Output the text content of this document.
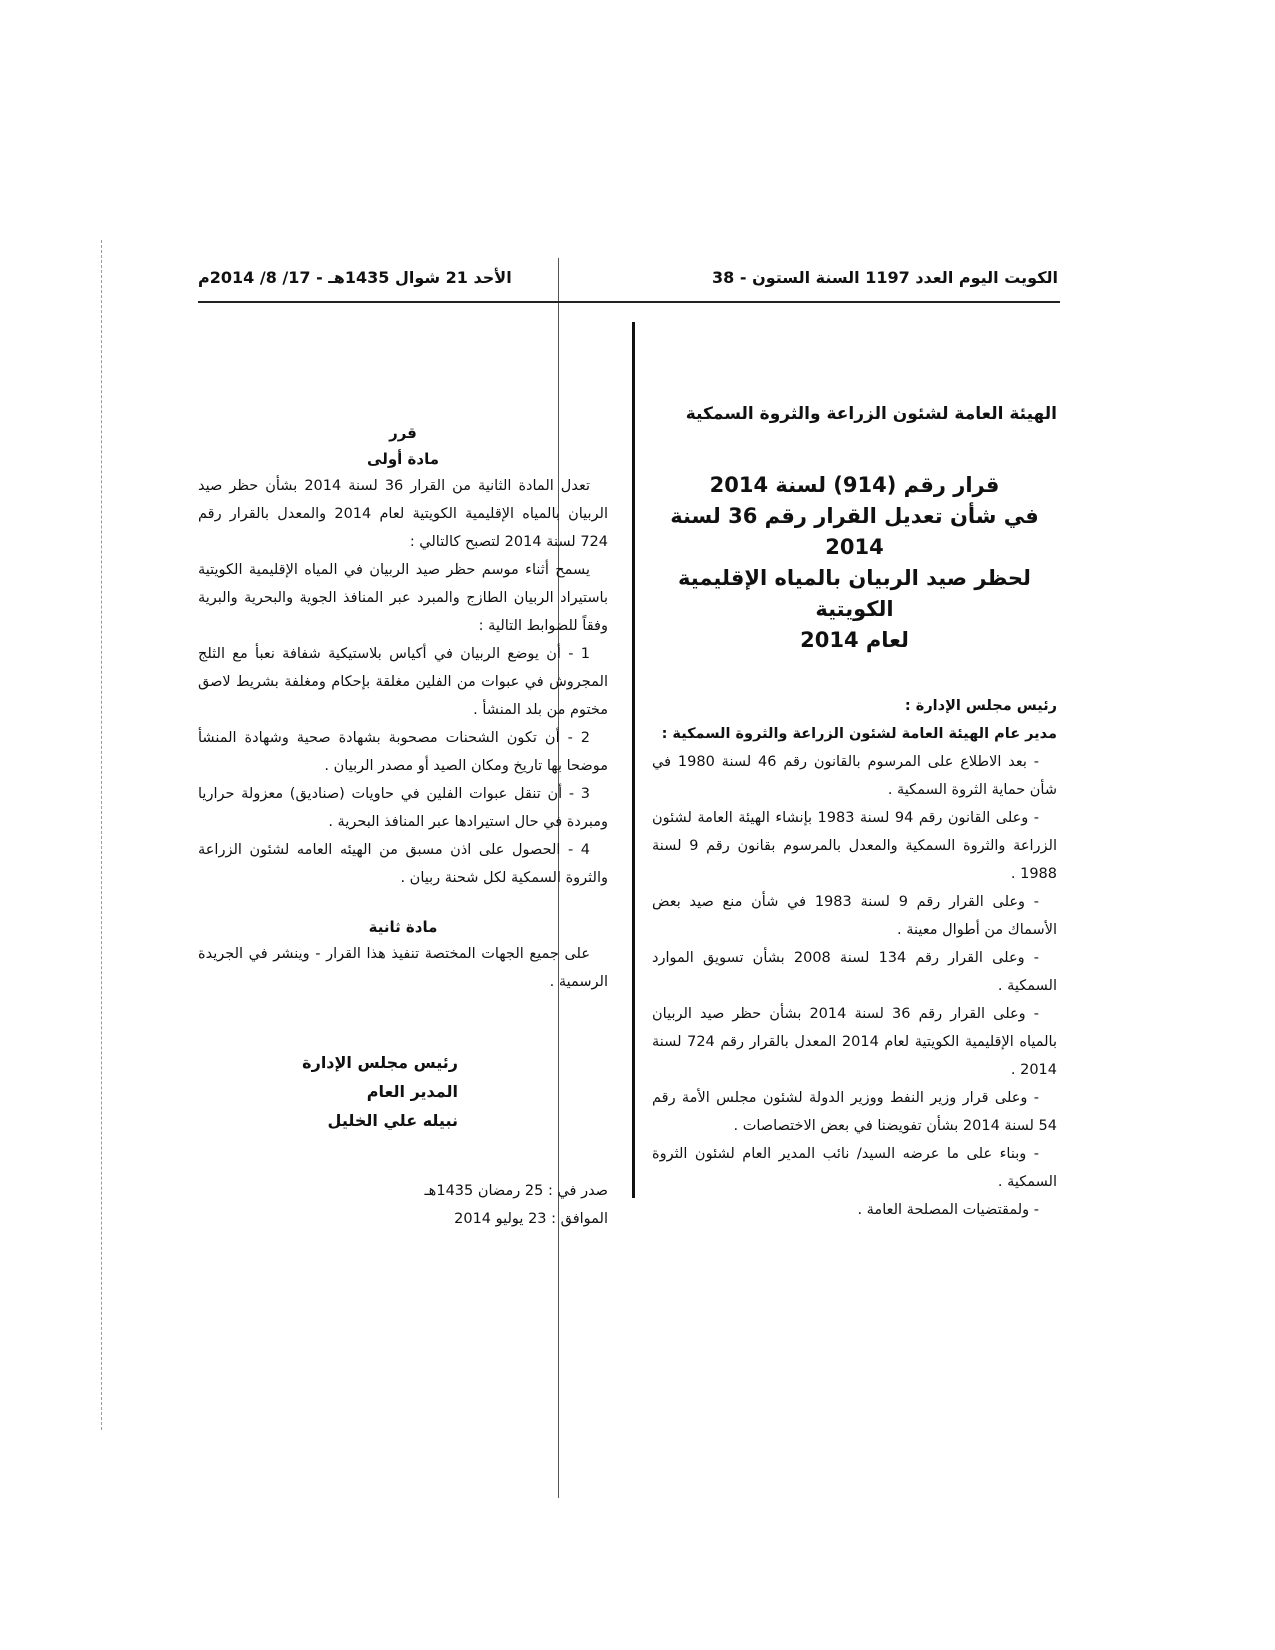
الكويت اليوم العدد 1197 السنة الستون - 38
الأحد 21 شوال 1435هـ - 17/ 8/ 2014م

الهيئة العامة لشئون الزراعة والثروة السمكية

قرار رقم (914) لسنة 2014
في شأن تعديل القرار رقم 36 لسنة 2014
لحظر صيد الربيان بالمياه الإقليمية الكويتية
لعام 2014

رئيس مجلس الإدارة :

مدير عام الهيئة العامة لشئون الزراعة والثروة السمكية :

- بعد الاطلاع على المرسوم بالقانون رقم 46 لسنة 1980 في شأن حماية الثروة السمكية .

- وعلى القانون رقم 94 لسنة 1983 بإنشاء الهيئة العامة لشئون الزراعة والثروة السمكية والمعدل بالمرسوم بقانون رقم 9 لسنة 1988 .

- وعلى القرار رقم 9 لسنة 1983 في شأن منع صيد بعض الأسماك من أطوال معينة .

- وعلى القرار رقم 134 لسنة 2008 بشأن تسويق الموارد السمكية .

- وعلى القرار رقم 36 لسنة 2014 بشأن حظر صيد الربيان بالمياه الإقليمية الكويتية لعام 2014 المعدل بالقرار رقم 724 لسنة 2014 .

- وعلى قرار وزير النفط ووزير الدولة لشئون مجلس الأمة رقم 54 لسنة 2014 بشأن تفويضنا في بعض الاختصاصات .

- وبناء على ما عرضه السيد/ نائب المدير العام لشئون الثروة السمكية .

- ولمقتضيات المصلحة العامة .

قرر

مادة أولى

تعدل المادة الثانية من القرار 36 لسنة 2014 بشأن حظر صيد الربيان بالمياه الإقليمية الكويتية لعام 2014 والمعدل بالقرار رقم 724 لسنة 2014 لتصبح كالتالي :

يسمح أثناء موسم حظر صيد الربيان في المياه الإقليمية الكويتية باستيراد الربيان الطازج والمبرد عبر المنافذ الجوية والبحرية والبرية وفقاً للضوابط التالية :

1 - أن يوضع الربيان في أكياس بلاستيكية شفافة نعبأ مع الثلج المجروش في عبوات من الفلين مغلقة بإحكام ومغلفة بشريط لاصق مختوم من بلد المنشأ .

2 - أن تكون الشحنات مصحوبة بشهادة صحية وشهادة المنشأ موضحا بها تاريخ ومكان الصيد أو مصدر الربيان .

3 - أن تنقل عبوات الفلين في حاويات (صناديق) معزولة حراريا ومبردة في حال استيرادها عبر المنافذ البحرية .

4 - الحصول على اذن مسبق من الهيئه العامه لشئون الزراعة والثروة السمكية لكل شحنة ربيان .

مادة ثانية

على جميع الجهات المختصة تنفيذ هذا القرار - وينشر في الجريدة الرسمية .

رئيس مجلس الإدارة
المدير العام
نبيله علي الخليل
صدر في : 25 رمضان 1435هـ
الموافق : 23 يوليو 2014
